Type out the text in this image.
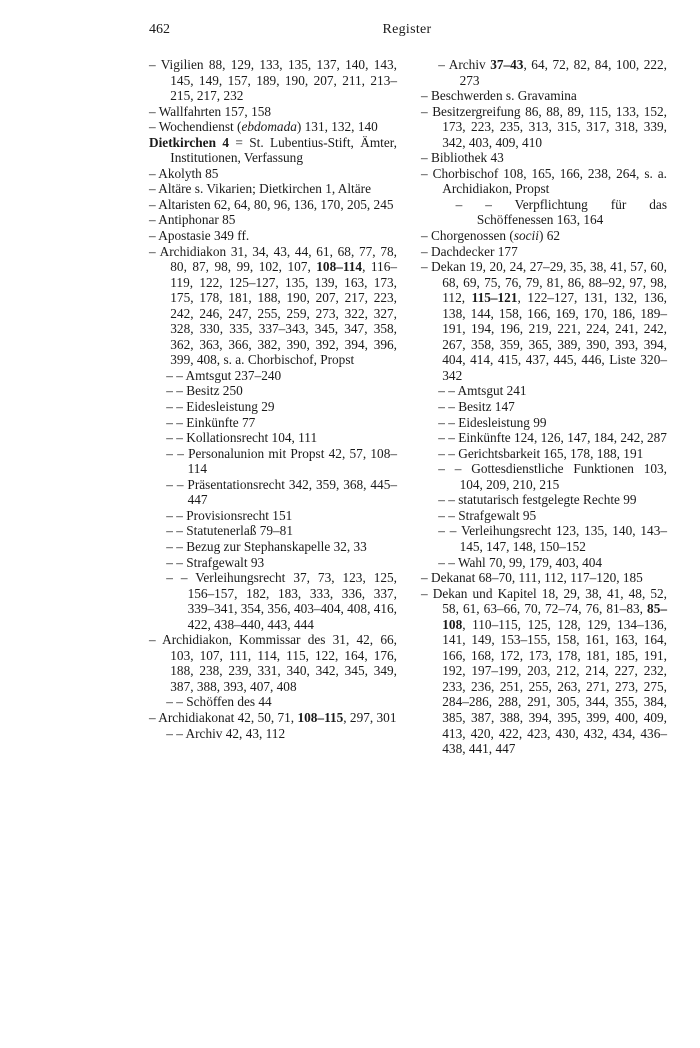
462	Register
– Vigilien 88, 129, 133, 135, 137, 140, 143, 145, 149, 157, 189, 190, 207, 211, 213–215, 217, 232
– Wallfahrten 157, 158
– Wochendienst (ebdomada) 131, 132, 140
Dietkirchen 4 = St. Lubentius-Stift, Ämter, Institutionen, Verfassung
– Akolyth 85
– Altäre s. Vikarien; Dietkirchen 1, Altäre
– Altaristen 62, 64, 80, 96, 136, 170, 205, 245
– Antiphonar 85
– Apostasie 349 ff.
– Archidiakon 31, 34, 43, 44, 61, 68, 77, 78, 80, 87, 98, 99, 102, 107, 108–114, 116–119, 122, 125–127, 135, 139, 163, 173, 175, 178, 181, 188, 190, 207, 217, 223, 242, 246, 247, 255, 259, 273, 322, 327, 328, 330, 335, 337–343, 345, 347, 358, 362, 363, 366, 382, 390, 392, 394, 396, 399, 408, s. a. Chorbischof, Propst
– – Amtsgut 237–240
– – Besitz 250
– – Eidesleistung 29
– – Einkünfte 77
– – Kollationsrecht 104, 111
– – Personalunion mit Propst 42, 57, 108–114
– – Präsentationsrecht 342, 359, 368, 445–447
– – Provisionsrecht 151
– – Statutenerlaß 79–81
– – Bezug zur Stephanskapelle 32, 33
– – Strafgewalt 93
– – Verleihungsrecht 37, 73, 123, 125, 156–157, 182, 183, 333, 336, 337, 339–341, 354, 356, 403–404, 408, 416, 422, 438–440, 443, 444
– Archidiakon, Kommissar des 31, 42, 66, 103, 107, 111, 114, 115, 122, 164, 176, 188, 238, 239, 331, 340, 342, 345, 349, 387, 388, 393, 407, 408
– – Schöffen des 44
– Archidiakonat 42, 50, 71, 108–115, 297, 301
– – Archiv 42, 43, 112
– Archiv 37–43, 64, 72, 82, 84, 100, 222, 273
– Beschwerden s. Gravamina
– Besitzergreifung 86, 88, 89, 115, 133, 152, 173, 223, 235, 313, 315, 317, 318, 339, 342, 403, 409, 410
– Bibliothek 43
– Chorbischof 108, 165, 166, 238, 264, s. a. Archidiakon, Propst
– – Verpflichtung für das Schöffenessen 163, 164
– Chorgenossen (socii) 62
– Dachdecker 177
– Dekan 19, 20, 24, 27–29, 35, 38, 41, 57, 60, 68, 69, 75, 76, 79, 81, 86, 88–92, 97, 98, 112, 115–121, 122–127, 131, 132, 136, 138, 144, 158, 166, 169, 170, 186, 189–191, 194, 196, 219, 221, 224, 241, 242, 267, 358, 359, 365, 389, 390, 393, 394, 404, 414, 415, 437, 445, 446, Liste 320–342
– – Amtsgut 241
– – Besitz 147
– – Eidesleistung 99
– – Einkünfte 124, 126, 147, 184, 242, 287
– – Gerichtsbarkeit 165, 178, 188, 191
– – Gottesdienstliche Funktionen 103, 104, 209, 210, 215
– – statutarisch festgelegte Rechte 99
– – Strafgewalt 95
– – Verleihungsrecht 123, 135, 140, 143–145, 147, 148, 150–152
– – Wahl 70, 99, 179, 403, 404
– Dekanat 68–70, 111, 112, 117–120, 185
– Dekan und Kapitel 18, 29, 38, 41, 48, 52, 58, 61, 63–66, 70, 72–74, 76, 81–83, 85–108, 110–115, 125, 128, 129, 134–136, 141, 149, 153–155, 158, 161, 163, 164, 166, 168, 172, 173, 178, 181, 185, 191, 192, 197–199, 203, 212, 214, 227, 232, 233, 236, 251, 255, 263, 271, 273, 275, 284–286, 288, 291, 305, 344, 355, 384, 385, 387, 388, 394, 395, 399, 400, 409, 413, 420, 422, 423, 430, 432, 434, 436–438, 441, 447
